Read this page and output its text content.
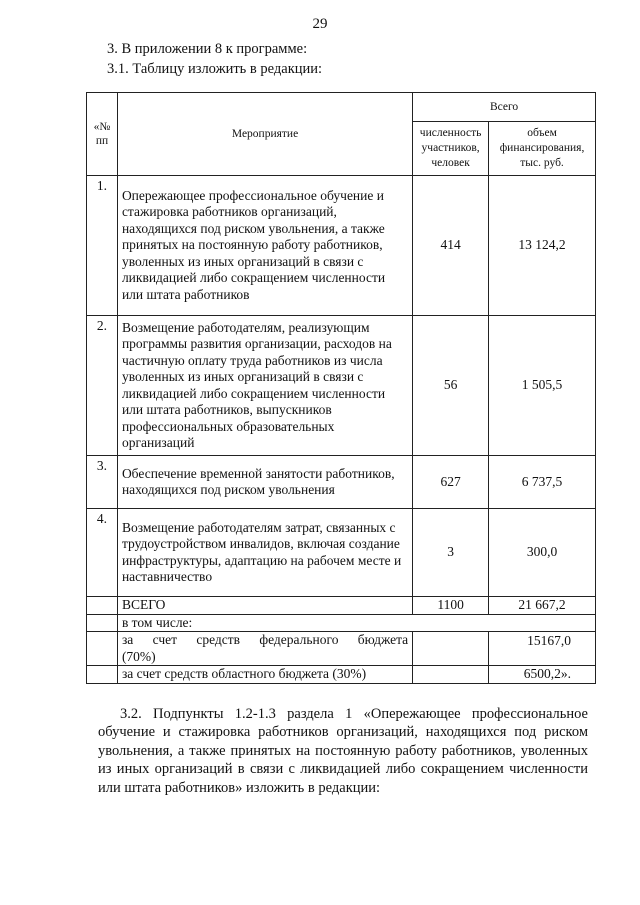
29
3. В приложении 8 к программе:
3.1. Таблицу изложить в редакции:
«№ пп	Мероприятие	Всего	
		численность участников, человек	объем финансирования, тыс. руб.
1.	Опережающее профессиональное обучение и стажировка работников организаций, находящихся под риском увольнения, а также принятых на постоянную работу работников, уволенных из иных организаций в связи с ликвидацией либо сокращением численности или штата работников	414	13 124,2
2.	Возмещение работодателям, реализующим программы развития организации, расходов на частичную оплату труда работников из числа уволенных из иных организаций в связи с ликвидацией либо сокращением численности или штата работников, выпускников профессиональных образовательных организаций	56	1 505,5
3.	Обеспечение временной занятости работников, находящихся под риском увольнения	627	6 737,5
4.	Возмещение работодателям затрат, связанных с трудоустройством инвалидов, включая создание инфраструктуры, адаптацию на рабочем месте и наставничество	3	300,0
	ВСЕГО	1100	21 667,2
	в том числе:		

	за счет средств федерального бюджета
(70%)		15167,0
	за счет средств областного бюджета (30%)		6500,2».
3.2. Подпункты 1.2-1.3 раздела 1 «Опережающее профессиональное обучение и стажировка работников организаций, находящихся под риском увольнения, а также принятых на постоянную работу работников, уволенных из иных организаций в связи с ликвидацией либо сокращением численности или штата работников» изложить в редакции:
